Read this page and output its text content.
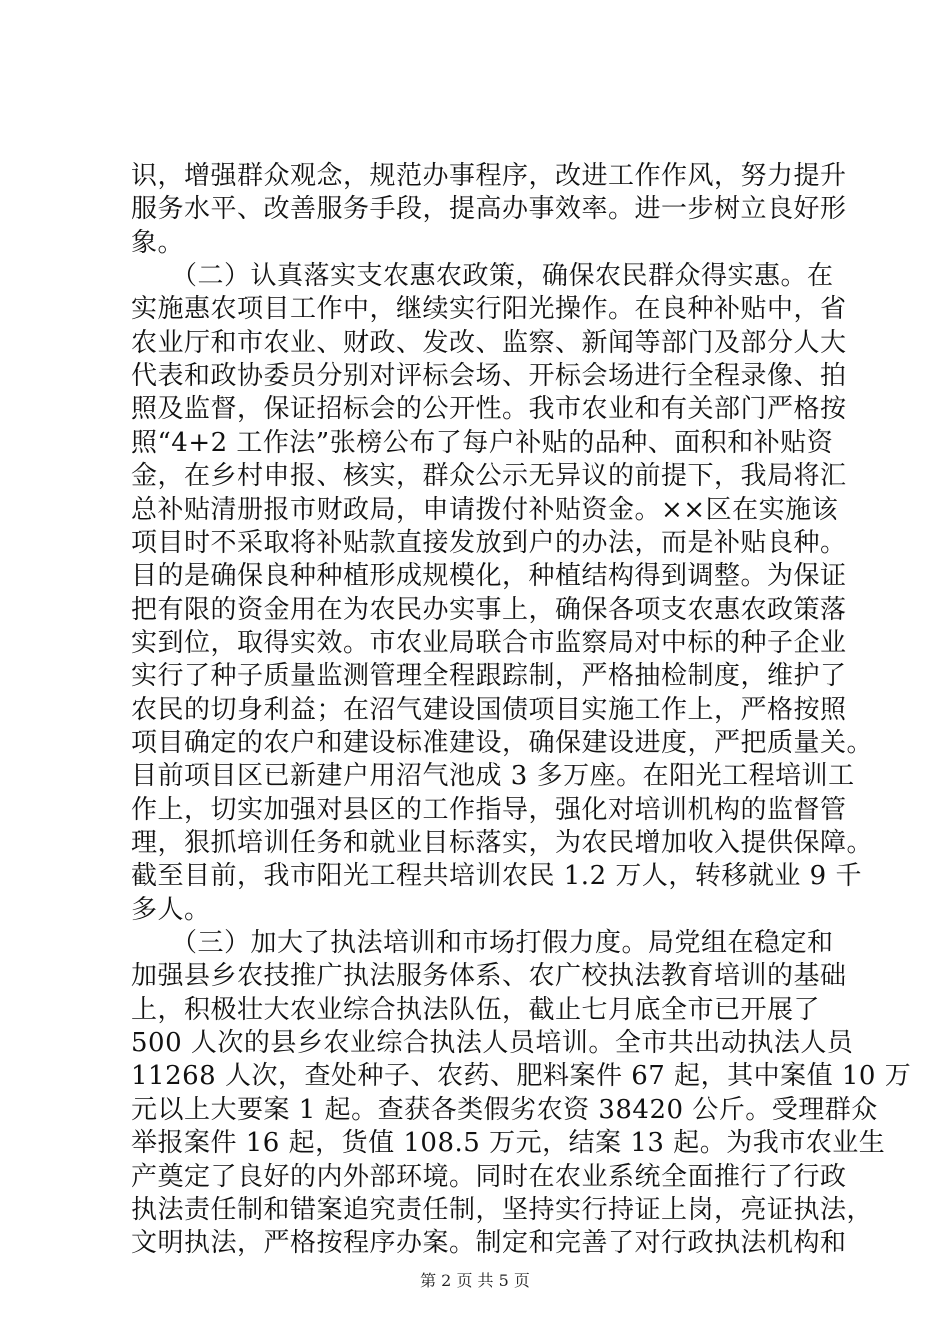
识，增强群众观念，规范办事程序，改进工作作风，努力提升
服务水平、改善服务手段，提高办事效率。进一步树立良好形
象。
　　（二）认真落实支农惠农政策，确保农民群众得实惠。在
实施惠农项目工作中，继续实行阳光操作。在良种补贴中，省
农业厅和市农业、财政、发改、监察、新闻等部门及部分人大
代表和政协委员分别对评标会场、开标会场进行全程录像、拍
照及监督，保证招标会的公开性。我市农业和有关部门严格按
照“4+2 工作法”张榜公布了每户补贴的品种、面积和补贴资
金，在乡村申报、核实，群众公示无异议的前提下，我局将汇
总补贴清册报市财政局，申请拨付补贴资金。××区在实施该
项目时不采取将补贴款直接发放到户的办法，而是补贴良种。
目的是确保良种种植形成规模化，种植结构得到调整。为保证
把有限的资金用在为农民办实事上，确保各项支农惠农政策落
实到位，取得实效。市农业局联合市监察局对中标的种子企业
实行了种子质量监测管理全程跟踪制，严格抽检制度，维护了
农民的切身利益；在沼气建设国债项目实施工作上，严格按照
项目确定的农户和建设标准建设，确保建设进度，严把质量关。
目前项目区已新建户用沼气池成 3 多万座。在阳光工程培训工
作上，切实加强对县区的工作指导，强化对培训机构的监督管
理，狠抓培训任务和就业目标落实，为农民增加收入提供保障。
截至目前，我市阳光工程共培训农民 1.2 万人，转移就业 9 千
多人。
　　（三）加大了执法培训和市场打假力度。局党组在稳定和
加强县乡农技推广执法服务体系、农广校执法教育培训的基础
上，积极壮大农业综合执法队伍，截止七月底全市已开展了
500 人次的县乡农业综合执法人员培训。全市共出动执法人员
11268 人次，查处种子、农药、肥料案件 67 起，其中案值 10 万
元以上大要案 1 起。查获各类假劣农资 38420 公斤。受理群众
举报案件 16 起，货值 108.5 万元，结案 13 起。为我市农业生
产奠定了良好的内外部环境。同时在农业系统全面推行了行政
执法责任制和错案追究责任制，坚持实行持证上岗，亮证执法，
文明执法，严格按程序办案。制定和完善了对行政执法机构和
第 2 页 共 5 页
